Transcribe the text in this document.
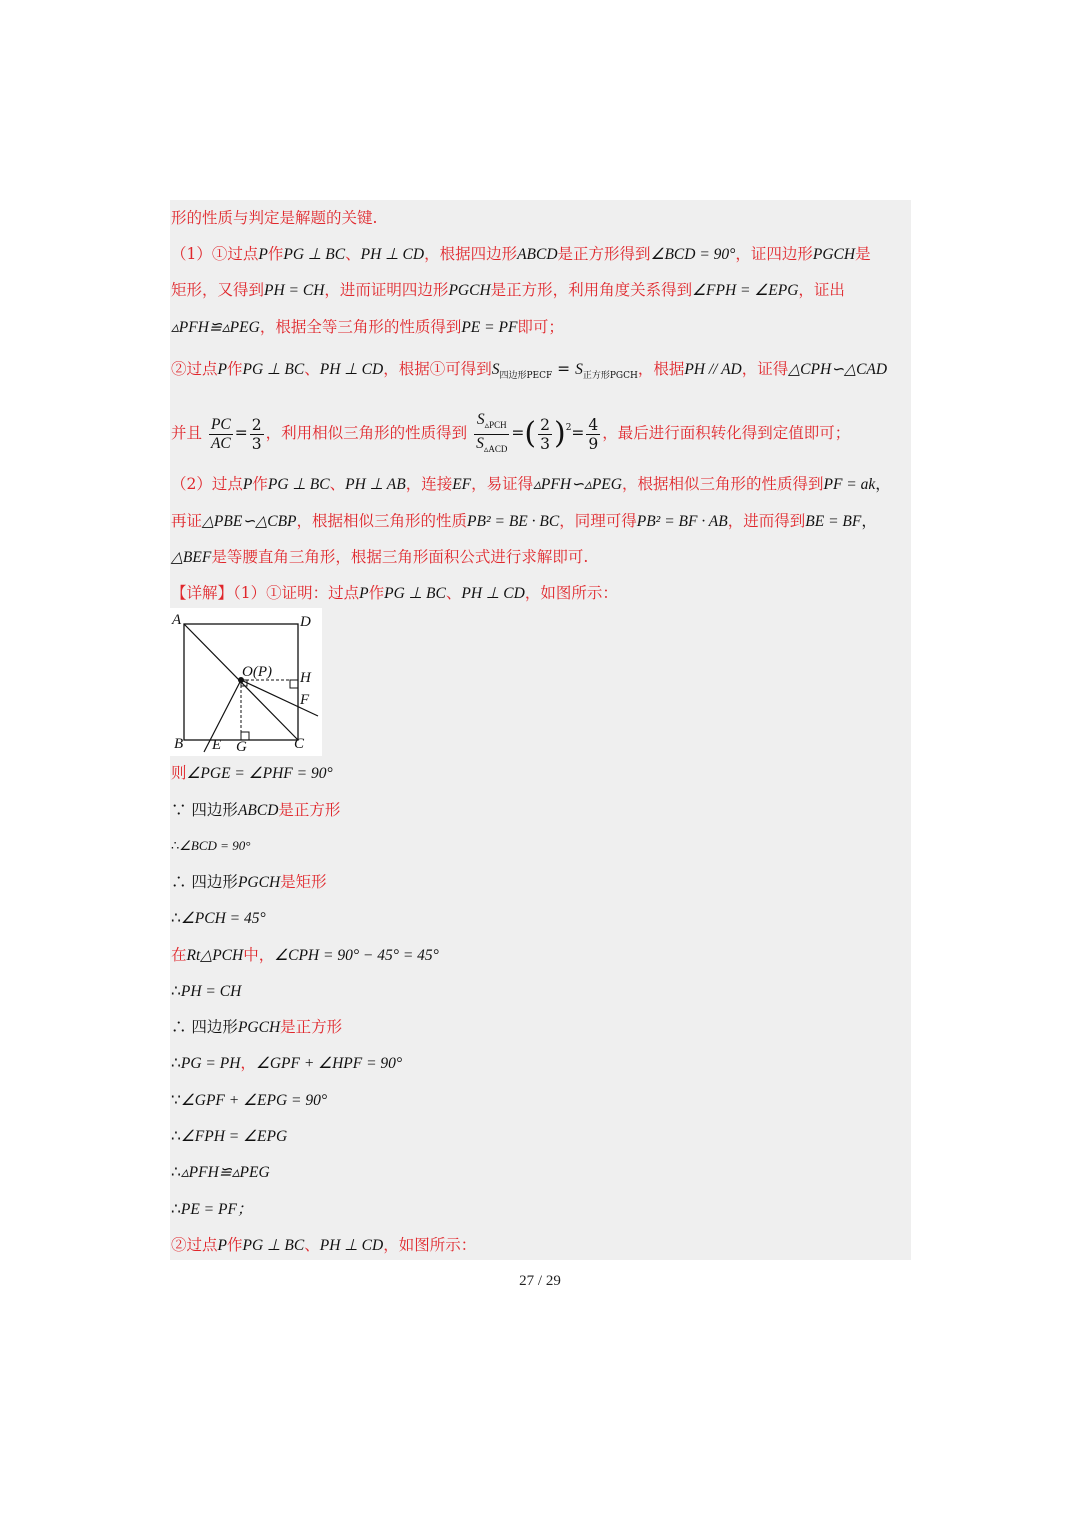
形的性质与判定是解题的关键.
（1）①过点P作PG ⊥ BC、PH ⊥ CD，根据四边形ABCD是正方形得到∠BCD = 90°，证四边形PGCH是
矩形，又得到PH = CH，进而证明四边形PGCH是正方形，利用角度关系得到∠FPH = ∠EPG，证出
▵PFH≌▵PEG，根据全等三角形的性质得到PE = PF即可；
②过点P作PG ⊥ BC、PH ⊥ CD，根据①可得到$S_{四边形PECF} = S_{正方形PGCH}$，根据PH // AD，证得△CPH∽△CAD
并且 $\frac{PC}{AC} = \frac{2}{3}$ ，利用相似三角形的性质得到 $\frac{S_{▵PCH}}{S_{▵ACD}}$ =( $\frac{2}{3} )^2= \frac{4}{9}$ ，最后进行面积转化得到定值即可；
（2）过点P作PG ⊥ BC、PH ⊥ AB，连接EF，易证得▵PFH∽▵PEG，根据相似三角形的性质得到PF = ak，
再证△PBE∽△CBP，根据相似三角形的性质PB² = BE · BC，同理可得PB² = BF · AB，进而得到BE = BF，
△BEF是等腰直角三角形，根据三角形面积公式进行求解即可.
【详解】（1）①证明：过点P作PG ⊥ BC、PH ⊥ CD，如图所示：
A	D
O(P) H
F
B E G	C
则∠PGE = ∠PHF = 90°
∵ 四边形ABCD是正方形
∴∠BCD = 90°
∴ 四边形PGCH是矩形
∴∠PCH = 45°
在Rt△PCH中，∠CPH = 90° − 45° = 45°
∴PH = CH
∴ 四边形PGCH是正方形
∴PG = PH，∠GPF + ∠HPF = 90°
∵∠GPF + ∠EPG = 90°
∴∠FPH = ∠EPG
∴▵PFH≌▵PEG
∴PE = PF；
②过点P作PG ⊥ BC、PH ⊥ CD，如图所示：
27 / 29
